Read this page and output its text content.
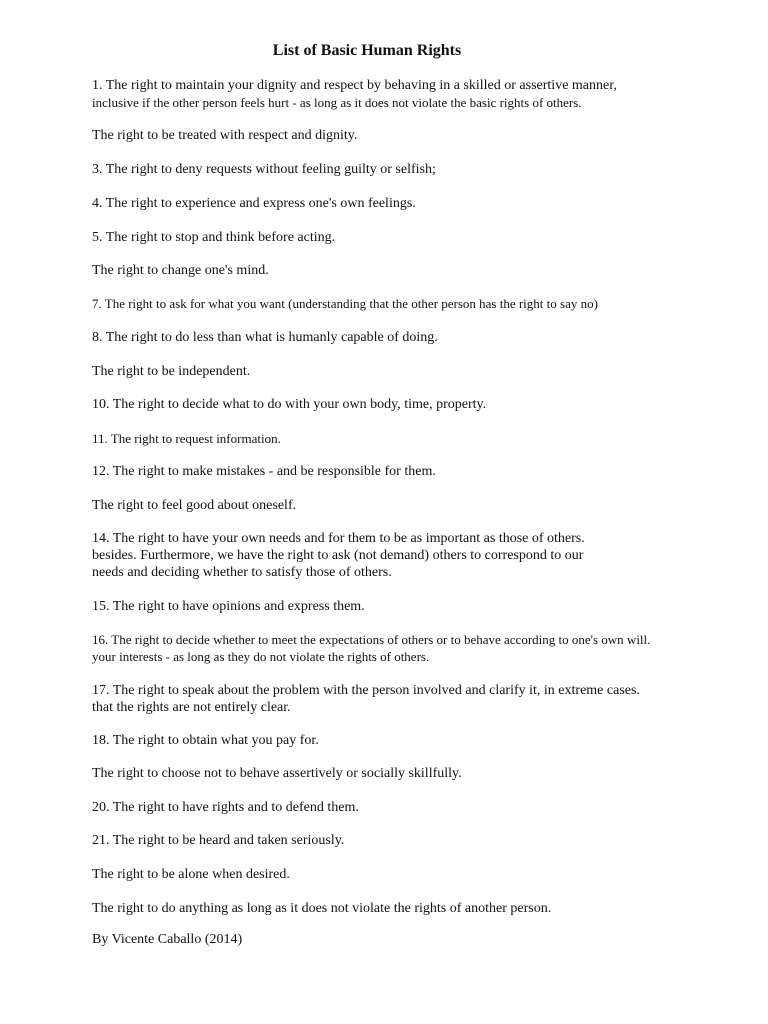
List of Basic Human Rights
1. The right to maintain your dignity and respect by behaving in a skilled or assertive manner,
inclusive if the other person feels hurt - as long as it does not violate the basic rights of others.
The right to be treated with respect and dignity.
3. The right to deny requests without feeling guilty or selfish;
4. The right to experience and express one's own feelings.
5. The right to stop and think before acting.
The right to change one's mind.
7. The right to ask for what you want (understanding that the other person has the right to say no)
8. The right to do less than what is humanly capable of doing.
The right to be independent.
10. The right to decide what to do with your own body, time, property.
11. The right to request information.
12. The right to make mistakes - and be responsible for them.
The right to feel good about oneself.
14. The right to have your own needs and for them to be as important as those of others.
besides. Furthermore, we have the right to ask (not demand) others to correspond to our
needs and deciding whether to satisfy those of others.
15. The right to have opinions and express them.
16. The right to decide whether to meet the expectations of others or to behave according to one's own will.
your interests - as long as they do not violate the rights of others.
17. The right to speak about the problem with the person involved and clarify it, in extreme cases.
that the rights are not entirely clear.
18. The right to obtain what you pay for.
The right to choose not to behave assertively or socially skillfully.
20. The right to have rights and to defend them.
21. The right to be heard and taken seriously.
The right to be alone when desired.
The right to do anything as long as it does not violate the rights of another person.
By Vicente Caballo (2014)
